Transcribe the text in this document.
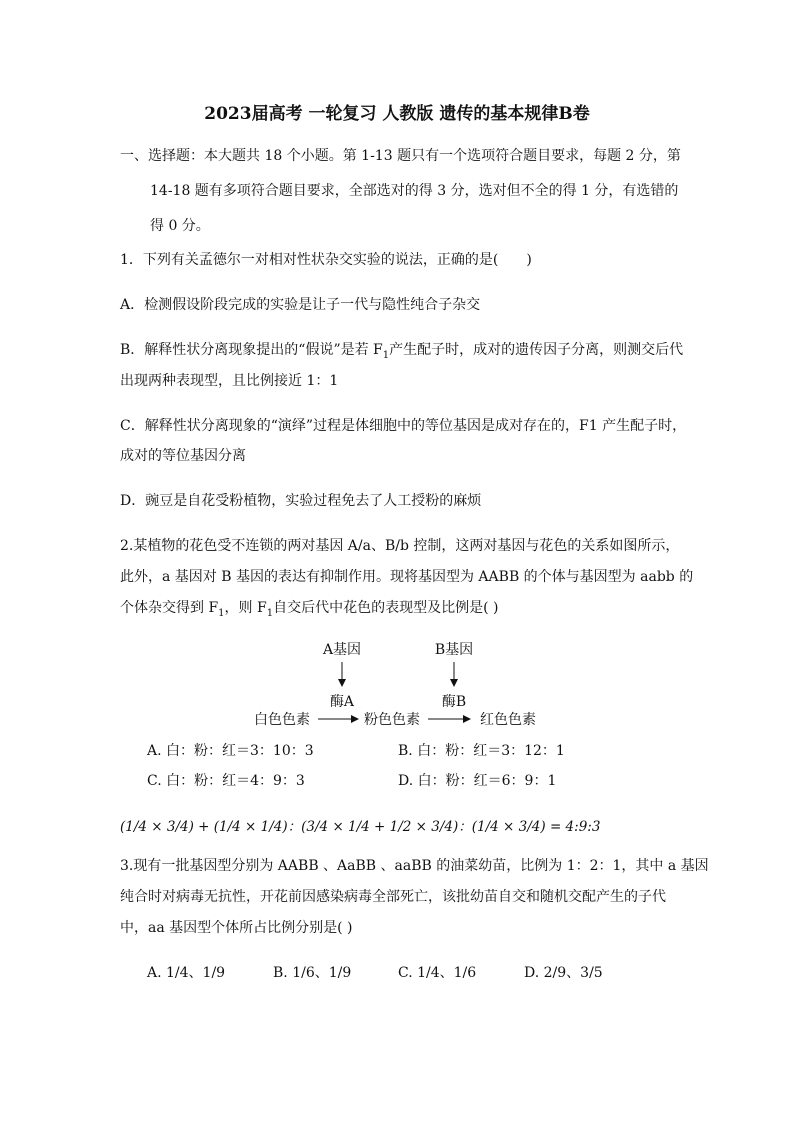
2023届高考 一轮复习 人教版 遗传的基本规律B卷
一、选择题：本大题共 18 个小题。第 1-13 题只有一个选项符合题目要求，每题 2 分，第
14-18 题有多项符合题目要求，全部选对的得 3 分，选对但不全的得 1 分，有选错的
得 0 分。
1．下列有关孟德尔一对相对性状杂交实验的说法，正确的是(　　)
A．检测假设阶段完成的实验是让子一代与隐性纯合子杂交
B．解释性状分离现象提出的“假说”是若 $F_1$产生配子时，成对的遗传因子分离，则测交后代
出现两种表现型，且比例接近 1：1
C．解释性状分离现象的“演绎”过程是体细胞中的等位基因是成对存在的，F1 产生配子时，
成对的等位基因分离
D．豌豆是自花受粉植物，实验过程免去了人工授粉的麻烦
2.某植物的花色受不连锁的两对基因 A/a、B/b 控制，这两对基因与花色的关系如图所示，
此外，a 基因对 B 基因的表达有抑制作用。现将基因型为 AABB 的个体与基因型为 aabb 的
个体杂交得到 $F_1$，则 $F_1$自交后代中花色的表现型及比例是( )
A基因	B基因
酶A	酶B
白色色素	粉色色素	红色色素
A. 白：粉：红＝3：10：3	B. 白：粉：红＝3：12：1
C. 白：粉：红＝4：9：3	D. 白：粉：红＝6：9：1
(1/4 × 3/4) + (1/4 × 1/4)：(3/4 × 1/4 + 1/2 × 3/4)：(1/4 × 3/4) = 4:9:3
3.现有一批基因型分别为 AABB 、AaBB 、aaBB 的油菜幼苗，比例为 1：2：1，其中 a 基因
纯合时对病毒无抗性，开花前因感染病毒全部死亡，该批幼苗自交和随机交配产生的子代
中，aa 基因型个体所占比例分别是( )
A. 1/4、1/9	B. 1/6、1/9	C. 1/4、1/6	D. 2/9、3/5
